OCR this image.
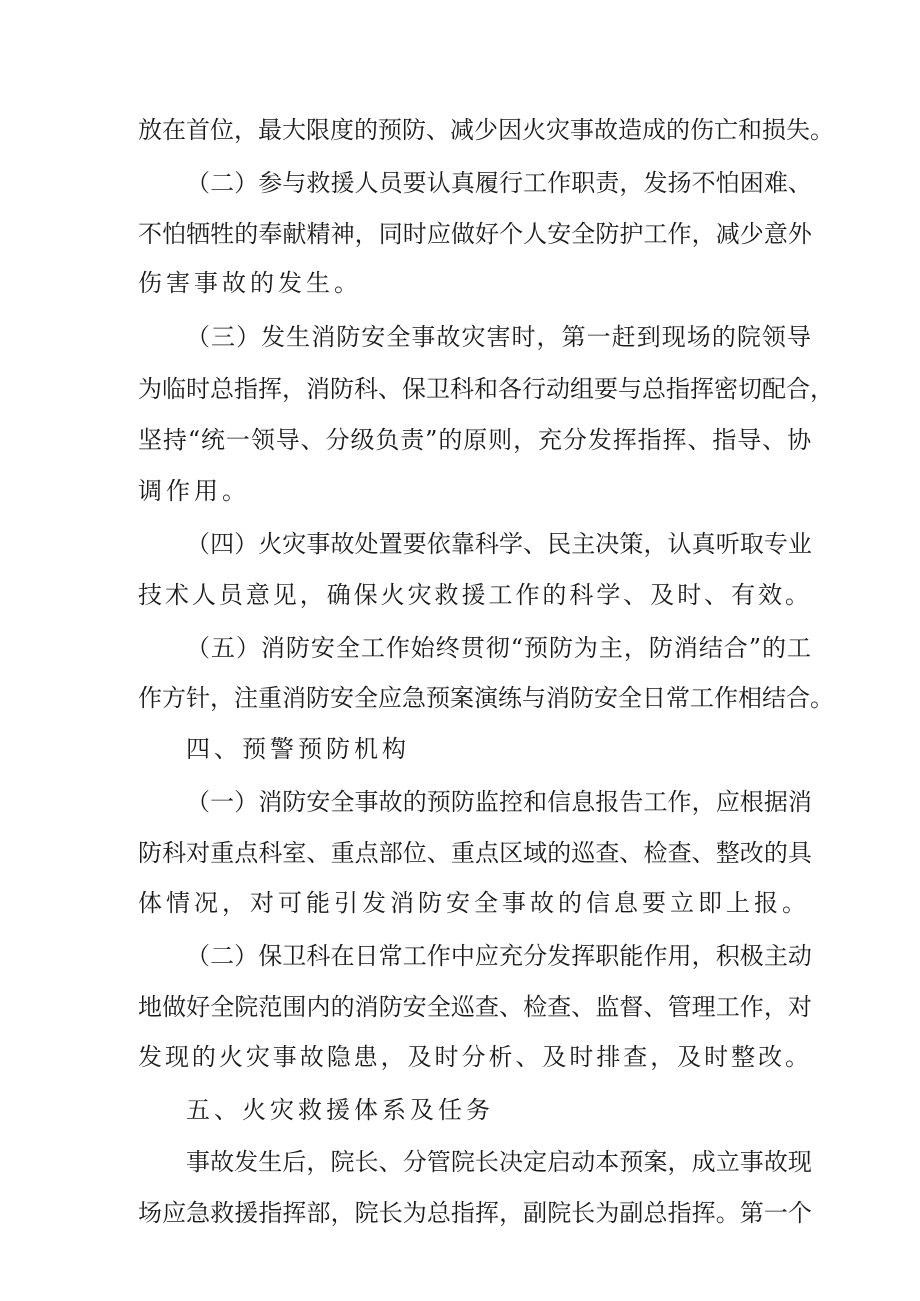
放在首位，最大限度的预防、减少因火灾事故造成的伤亡和损失。
（二）参与救援人员要认真履行工作职责，发扬不怕困难、
不怕牺牲的奉献精神，同时应做好个人安全防护工作，减少意外
伤害事故的发生。
（三）发生消防安全事故灾害时，第一赶到现场的院领导
为临时总指挥，消防科、保卫科和各行动组要与总指挥密切配合，
坚持“统一领导、分级负责”的原则，充分发挥指挥、指导、协
调作用。
（四）火灾事故处置要依靠科学、民主决策，认真听取专业
技术人员意见，确保火灾救援工作的科学、及时、有效。
（五）消防安全工作始终贯彻“预防为主，防消结合”的工
作方针，注重消防安全应急预案演练与消防安全日常工作相结合。
四、预警预防机构
（一）消防安全事故的预防监控和信息报告工作，应根据消
防科对重点科室、重点部位、重点区域的巡查、检查、整改的具
体情况，对可能引发消防安全事故的信息要立即上报。
（二）保卫科在日常工作中应充分发挥职能作用，积极主动
地做好全院范围内的消防安全巡查、检查、监督、管理工作，对
发现的火灾事故隐患，及时分析、及时排查，及时整改。
五、火灾救援体系及任务
事故发生后，院长、分管院长决定启动本预案，成立事故现
场应急救援指挥部，院长为总指挥，副院长为副总指挥。第一个
